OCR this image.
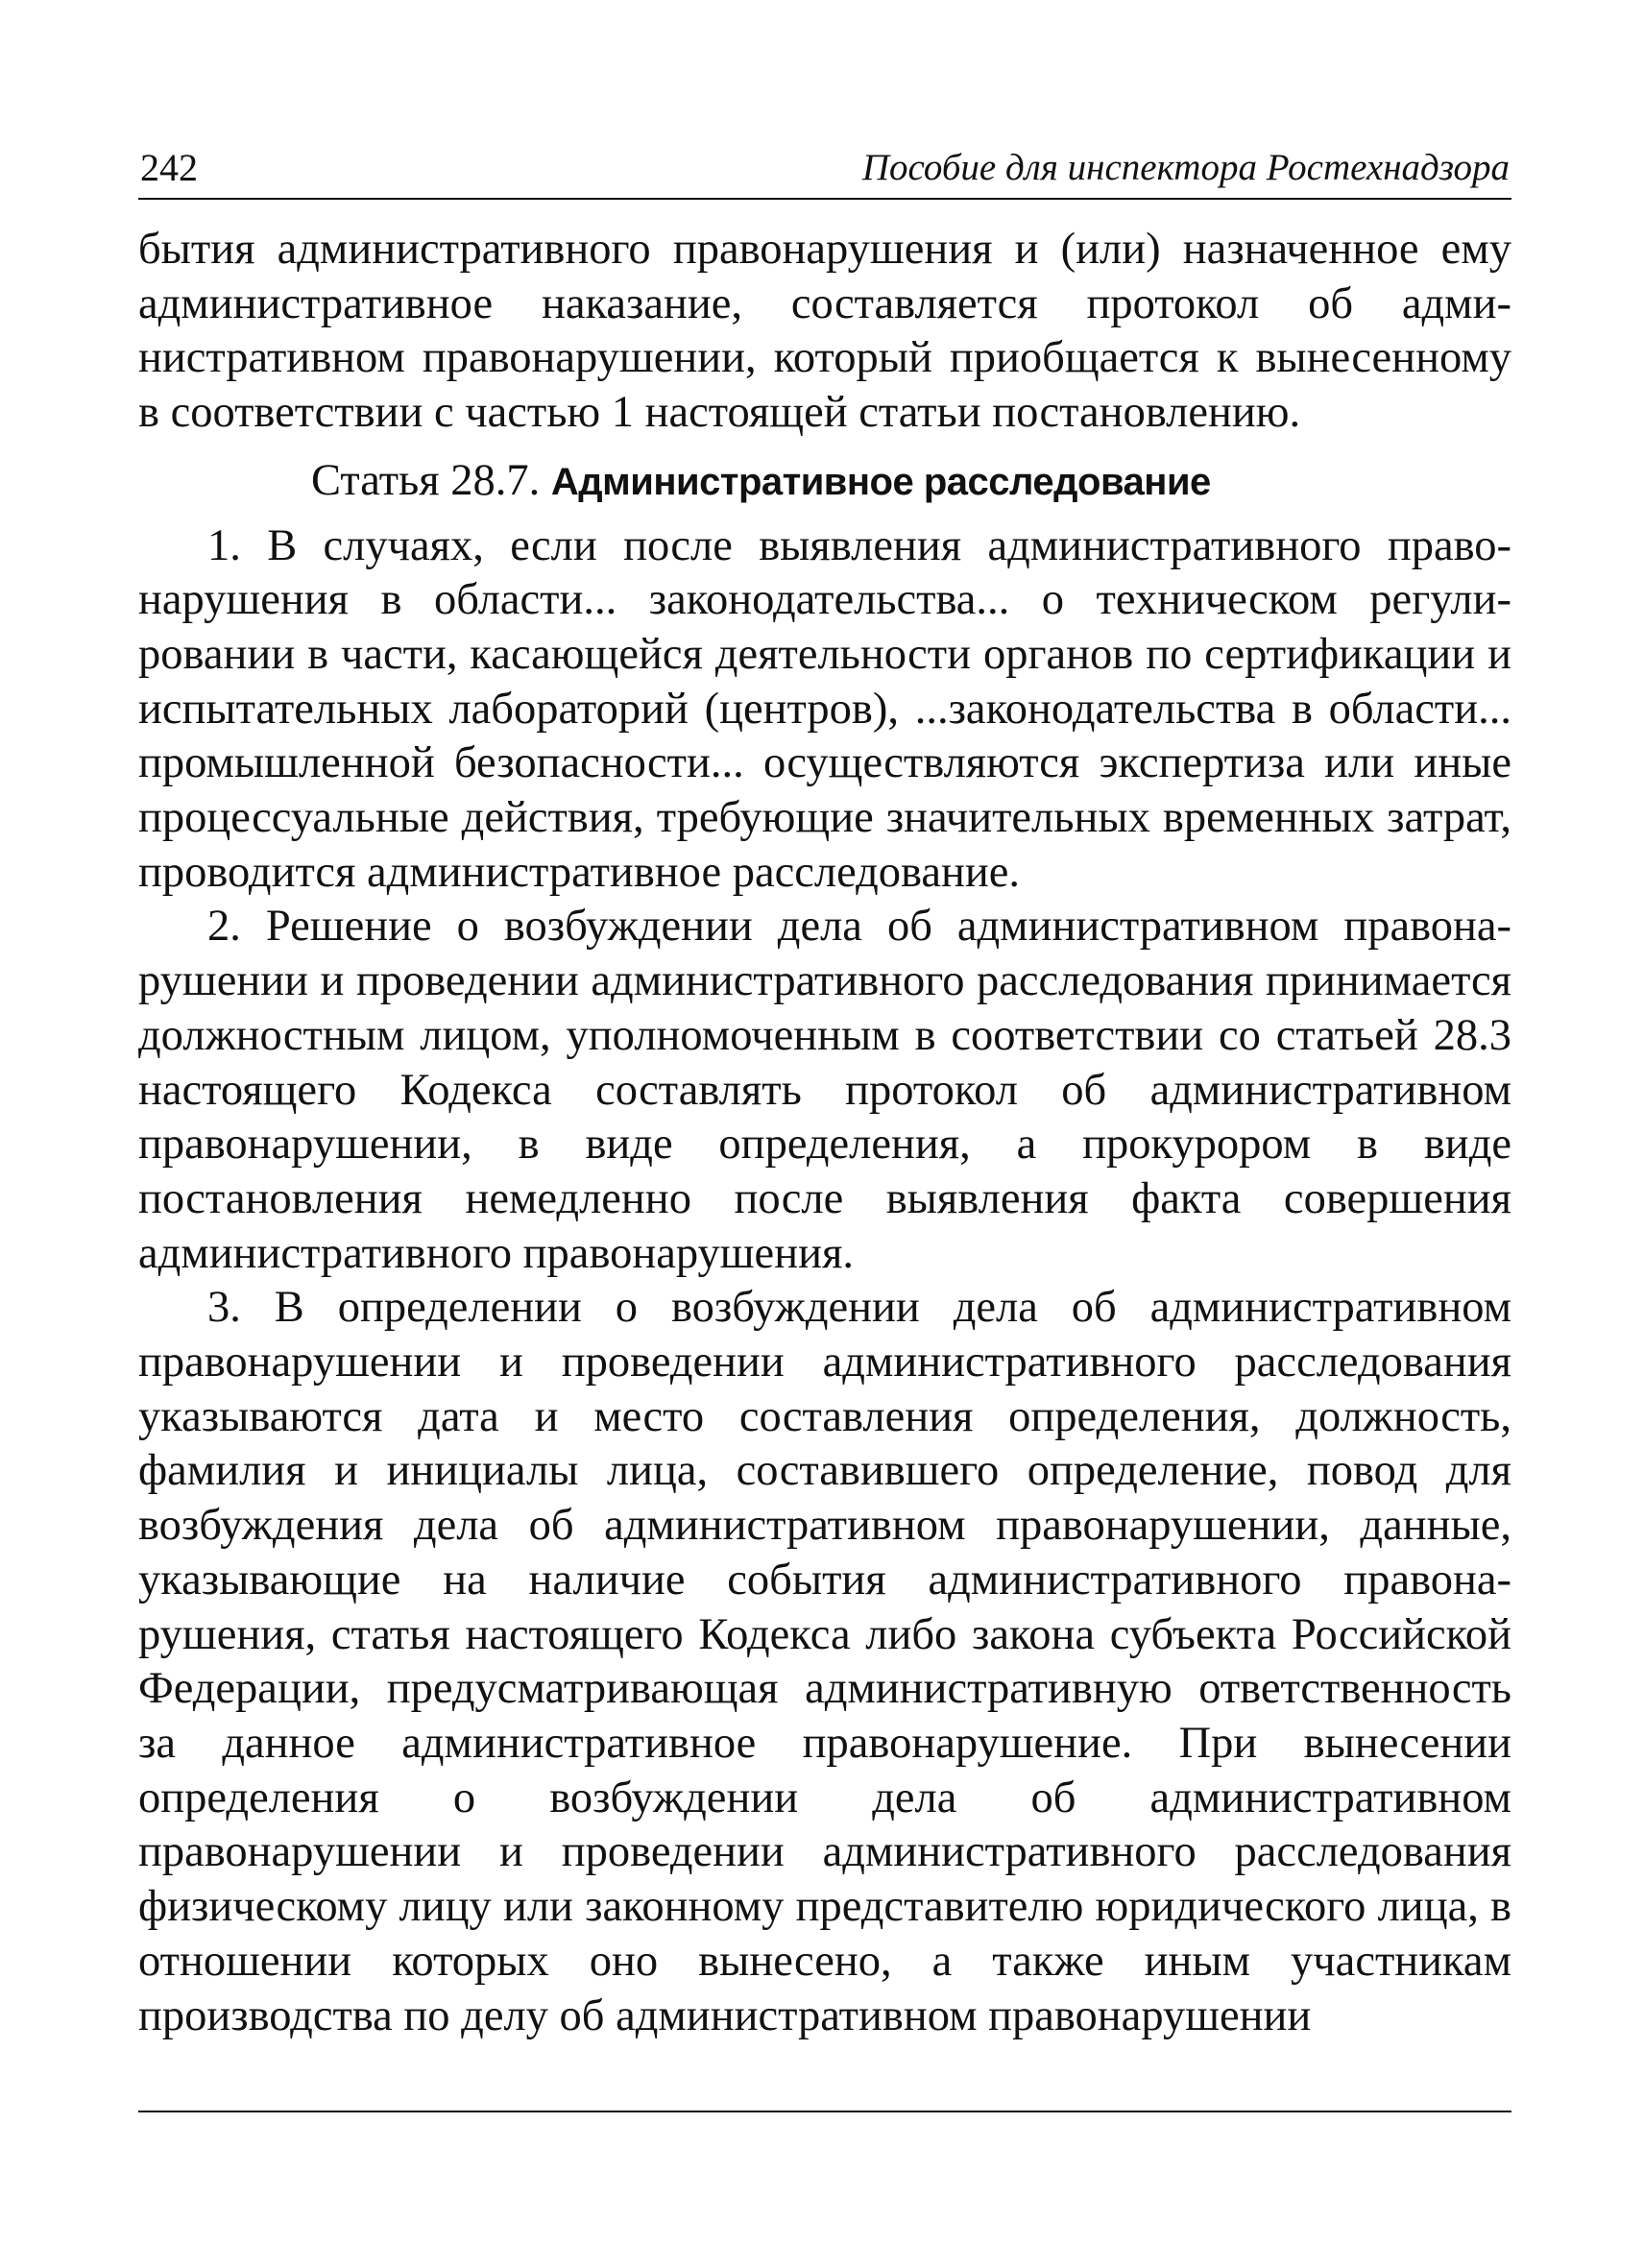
242	Пособие для инспектора Ростехнадзора

бытия административного правонарушения и (или) назначенное ему административное наказание, составляется протокол об административном правонарушении, который приобщается к вынесенному в соответствии с частью 1 настоящей статьи постановлению.

Статья 28.7. Административное расследование

1. В случаях, если после выявления административного правонарушения в области... законодательства... о техническом регулировании в части, касающейся деятельности органов по сертификации и испытательных лабораторий (центров), ...законодательства в области... промышленной безопасности... осуществляются экспертиза или иные процессуальные действия, требующие значительных временных затрат, проводится административное расследование.

2. Решение о возбуждении дела об административном правонарушении и проведении административного расследования принимается должностным лицом, уполномоченным в соответствии со статьей 28.3 настоящего Кодекса составлять протокол об административном правонарушении, в виде определения, а прокурором в виде постановления немедленно после выявления факта совершения административного правонарушения.

3. В определении о возбуждении дела об административном правонарушении и проведении административного расследования указываются дата и место составления определения, должность, фамилия и инициалы лица, составившего определение, повод для возбуждения дела об административном правонарушении, данные, указывающие на наличие события административного правонарушения, статья настоящего Кодекса либо закона субъекта Российской Федерации, предусматривающая административную ответственность за данное административное правонарушение. При вынесении определения о возбуждении дела об административном правонарушении и проведении административного расследования физическому лицу или законному представителю юридического лица, в отношении которых оно вынесено, а также иным участникам производства по делу об административном правонарушении
